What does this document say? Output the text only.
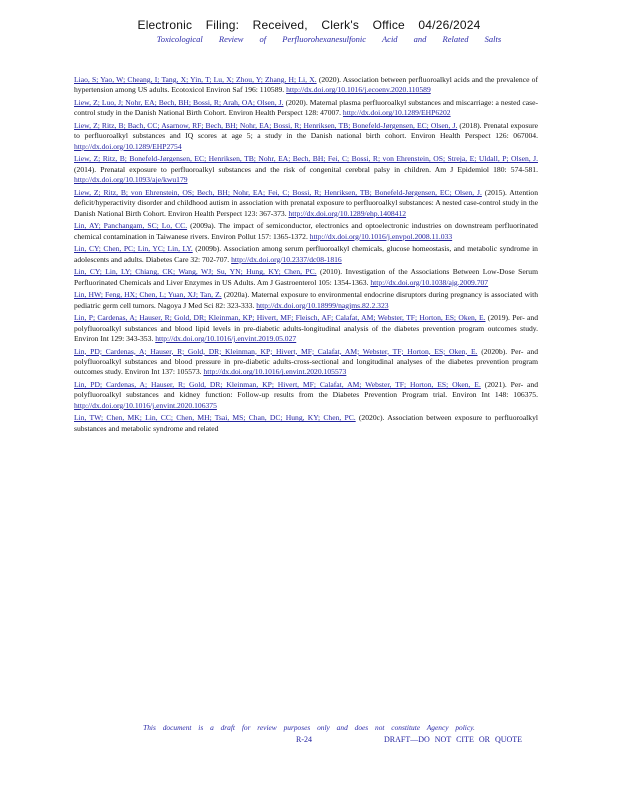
Electronic Filing: Received, Clerk's Office 04/26/2024
Toxicological Review of Perfluorohexanesulfonic Acid and Related Salts
Liao, S; Yao, W; Cheang, I; Tang, X; Yin, T; Lu, X; Zhou, Y; Zhang, H; Li, X. (2020). Association between perfluoroalkyl acids and the prevalence of hypertension among US adults. Ecotoxicol Environ Saf 196: 110589. http://dx.doi.org/10.1016/j.ecoenv.2020.110589
Liew, Z; Luo, J; Nohr, EA; Bech, BH; Bossi, R; Arah, OA; Olsen, J. (2020). Maternal plasma perfluoroalkyl substances and miscarriage: a nested case-control study in the Danish National Birth Cohort. Environ Health Perspect 128: 47007. http://dx.doi.org/10.1289/EHP6202
Liew, Z; Ritz, B; Bach, CC; Asarnow, RF; Bech, BH; Nohr, EA; Bossi, R; Henriksen, TB; Bonefeld-Jørgensen, EC; Olsen, J. (2018). Prenatal exposure to perfluoroalkyl substances and IQ scores at age 5; a study in the Danish national birth cohort. Environ Health Perspect 126: 067004. http://dx.doi.org/10.1289/EHP2754
Liew, Z; Ritz, B; Bonefeld-Jørgensen, EC; Henriksen, TB; Nohr, EA; Bech, BH; Fei, C; Bossi, R; von Ehrenstein, OS; Streja, E; Uldall, P; Olsen, J. (2014). Prenatal exposure to perfluoroalkyl substances and the risk of congenital cerebral palsy in children. Am J Epidemiol 180: 574-581. http://dx.doi.org/10.1093/aje/kwu179
Liew, Z; Ritz, B; von Ehrenstein, OS; Bech, BH; Nohr, EA; Fei, C; Bossi, R; Henriksen, TB; Bonefeld-Jørgensen, EC; Olsen, J. (2015). Attention deficit/hyperactivity disorder and childhood autism in association with prenatal exposure to perfluoroalkyl substances: A nested case-control study in the Danish National Birth Cohort. Environ Health Perspect 123: 367-373. http://dx.doi.org/10.1289/ehp.1408412
Lin, AY; Panchangam, SC; Lo, CC. (2009a). The impact of semiconductor, electronics and optoelectronic industries on downstream perfluorinated chemical contamination in Taiwanese rivers. Environ Pollut 157: 1365-1372. http://dx.doi.org/10.1016/j.envpol.2008.11.033
Lin, CY; Chen, PC; Lin, YC; Lin, LY. (2009b). Association among serum perfluoroalkyl chemicals, glucose homeostasis, and metabolic syndrome in adolescents and adults. Diabetes Care 32: 702-707. http://dx.doi.org/10.2337/dc08-1816
Lin, CY; Lin, LY; Chiang, CK; Wang, WJ; Su, YN; Hung, KY; Chen, PC. (2010). Investigation of the Associations Between Low-Dose Serum Perfluorinated Chemicals and Liver Enzymes in US Adults. Am J Gastroenterol 105: 1354-1363. http://dx.doi.org/10.1038/ajg.2009.707
Lin, HW; Feng, HX; Chen, L; Yuan, XJ; Tan, Z. (2020a). Maternal exposure to environmental endocrine disruptors during pregnancy is associated with pediatric germ cell tumors. Nagoya J Med Sci 82: 323-333. http://dx.doi.org/10.18999/nagjms.82.2.323
Lin, P; Cardenas, A; Hauser, R; Gold, DR; Kleinman, KP; Hivert, MF; Fleisch, AF; Calafat, AM; Webster, TF; Horton, ES; Oken, E. (2019). Per- and polyfluoroalkyl substances and blood lipid levels in pre-diabetic adults-longitudinal analysis of the diabetes prevention program outcomes study. Environ Int 129: 343-353. http://dx.doi.org/10.1016/j.envint.2019.05.027
Lin, PD; Cardenas, A; Hauser, R; Gold, DR; Kleinman, KP; Hivert, MF; Calafat, AM; Webster, TF; Horton, ES; Oken, E. (2020b). Per- and polyfluoroalkyl substances and blood pressure in pre-diabetic adults-cross-sectional and longitudinal analyses of the diabetes prevention program outcomes study. Environ Int 137: 105573. http://dx.doi.org/10.1016/j.envint.2020.105573
Lin, PD; Cardenas, A; Hauser, R; Gold, DR; Kleinman, KP; Hivert, MF; Calafat, AM; Webster, TF; Horton, ES; Oken, E. (2021). Per- and polyfluoroalkyl substances and kidney function: Follow-up results from the Diabetes Prevention Program trial. Environ Int 148: 106375. http://dx.doi.org/10.1016/j.envint.2020.106375
Lin, TW; Chen, MK; Lin, CC; Chen, MH; Tsai, MS; Chan, DC; Hung, KY; Chen, PC. (2020c). Association between exposure to perfluoroalkyl substances and metabolic syndrome and related
This document is a draft for review purposes only and does not constitute Agency policy.
R-24	DRAFT—DO NOT CITE OR QUOTE
